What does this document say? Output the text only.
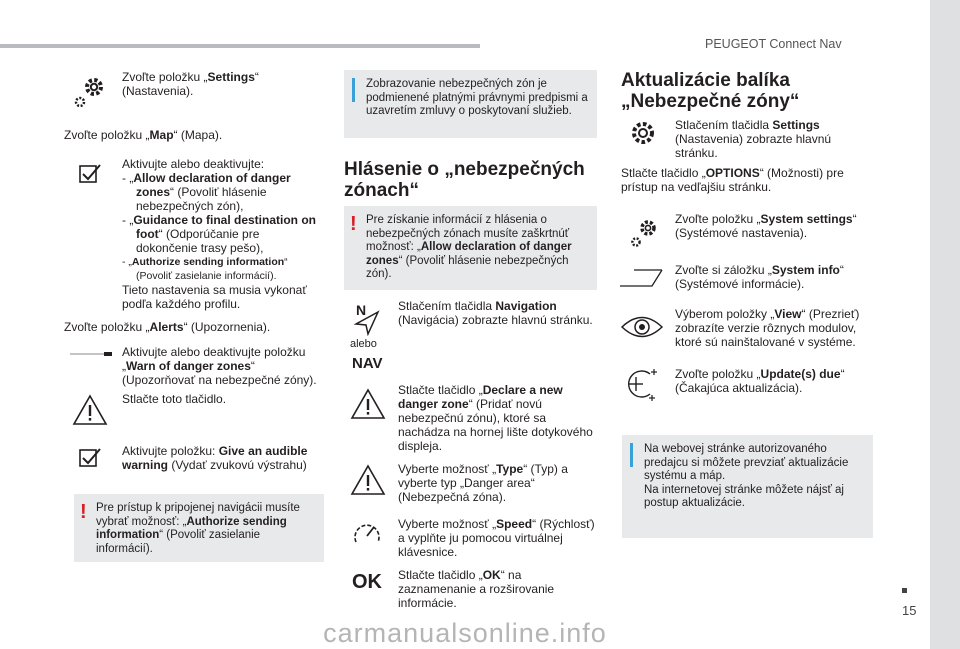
PEUGEOT Connect Nav
Zvoľte položku „Settings“ (Nastavenia).
Zvoľte položku „Map“ (Mapa).
Aktivujte alebo deaktivujte:
- „Allow declaration of danger zones“ (Povoliť hlásenie nebezpečných zón),
- „Guidance to final destination on foot“ (Odporúčanie pre dokončenie trasy pešo),
- „Authorize sending information“ (Povoliť zasielanie informácií).
Tieto nastavenia sa musia vykonať podľa každého profilu.
Zvoľte položku „Alerts“ (Upozornenia).
Aktivujte alebo deaktivujte položku „Warn of danger zones“ (Upozorňovať na nebezpečné zóny).
Stlačte toto tlačidlo.
Aktivujte položku: Give an audible warning (Vydať zvukovú výstrahu)
! Pre prístup k pripojenej navigácii musíte vybrať možnosť: „Authorize sending information“ (Povoliť zasielanie informácií).
Zobrazovanie nebezpečných zón je podmienené platnými právnymi predpismi a uzavretím zmluvy o poskytovaní služieb.
Hlásenie o „nebezpečných zónach“
! Pre získanie informácií z hlásenia o nebezpečných zónach musíte zaškrtnúť možnosť: „Allow declaration of danger zones“ (Povoliť hlásenie nebezpečných zón).
N
alebo
NAV
Stlačením tlačidla Navigation (Navigácia) zobrazte hlavnú stránku.
Stlačte tlačidlo „Declare a new danger zone“ (Pridať novú nebezpečnú zónu), ktoré sa nachádza na hornej lište dotykového displeja.
Vyberte možnosť „Type“ (Typ) a vyberte typ „Danger area“ (Nebezpečná zóna).
Vyberte možnosť „Speed“ (Rýchlosť) a vyplňte ju pomocou virtuálnej klávesnice.
OK Stlačte tlačidlo „OK“ na zaznamenanie a rozširovanie informácie.
Aktualizácie balíka „Nebezpečné zóny“
Stlačením tlačidla Settings (Nastavenia) zobrazte hlavnú stránku.
Stlačte tlačidlo „OPTIONS“ (Možnosti) pre prístup na vedľajšiu stránku.
Zvoľte položku „System settings“ (Systémové nastavenia).
Zvoľte si záložku „System info“ (Systémové informácie).
Výberom položky „View“ (Prezrieť) zobrazíte verzie rôznych modulov, ktoré sú nainštalované v systéme.
Zvoľte položku „Update(s) due“ (Čakajúca aktualizácia).
Na webovej stránke autorizovaného predajcu si môžete prevziať aktualizácie systému a máp.
Na internetovej stránke môžete nájsť aj postup aktualizácie.
15
carmanualsonline.info
